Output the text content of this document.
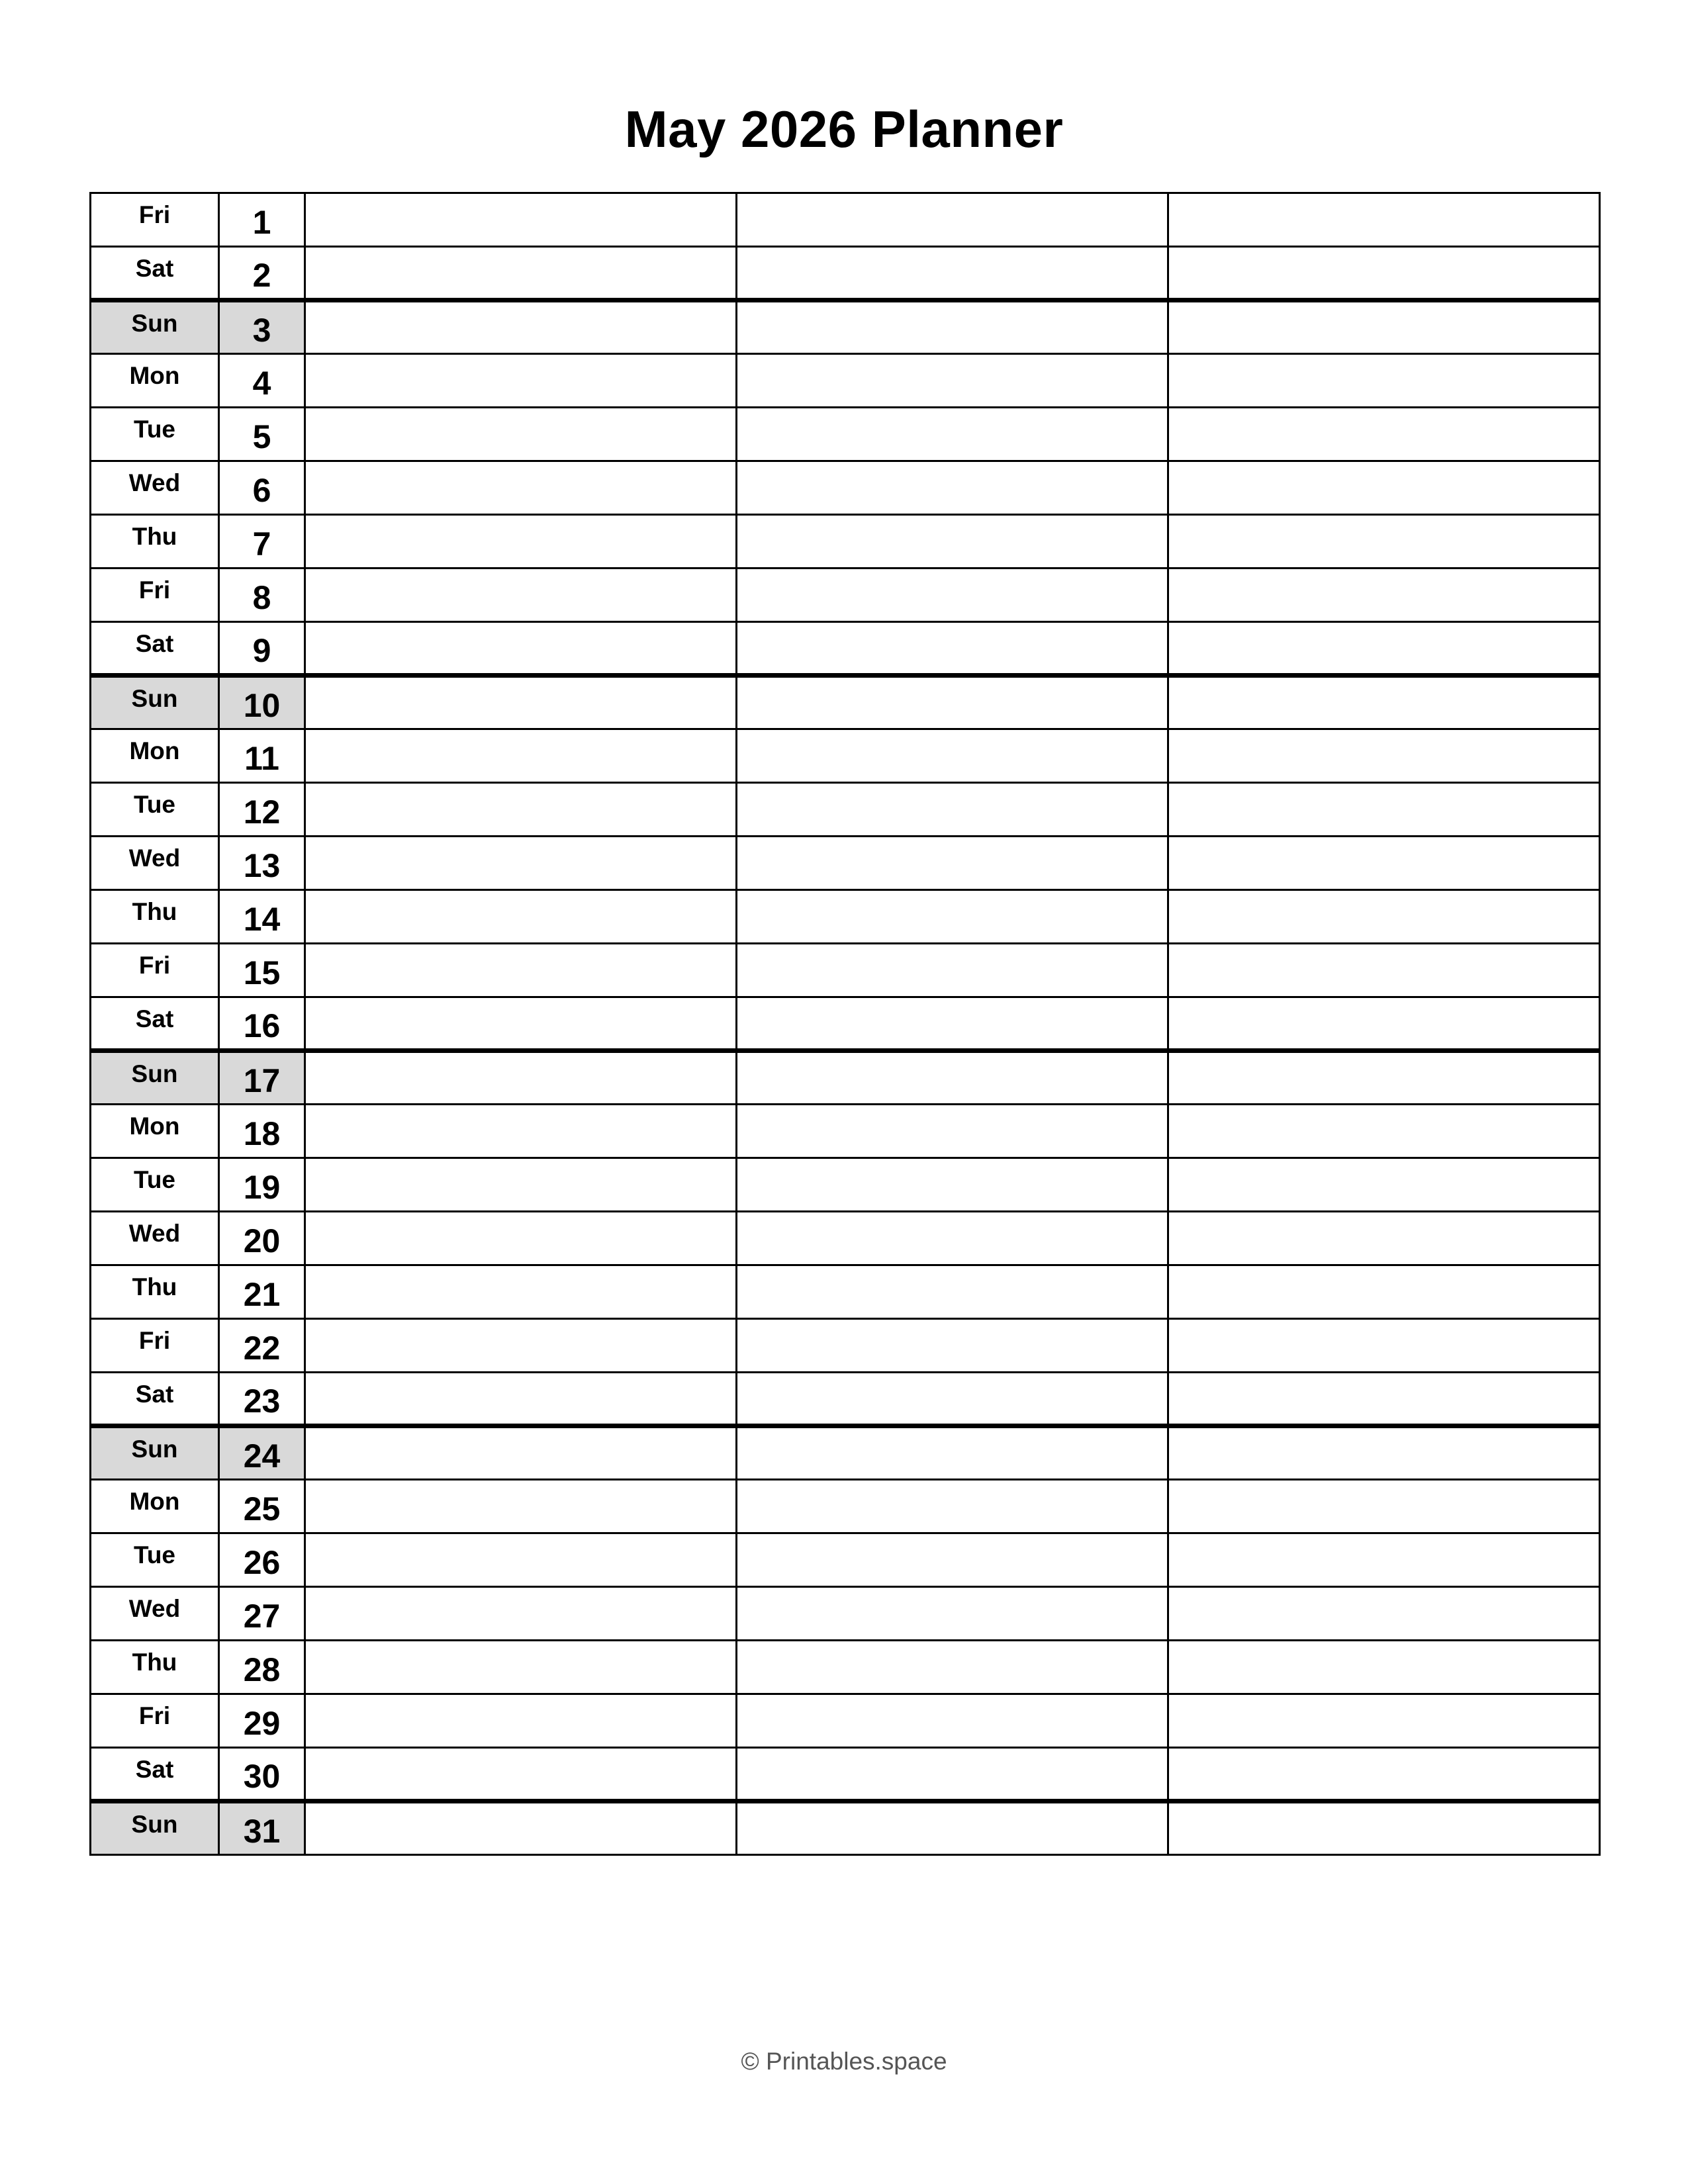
May 2026 Planner
Fri	1			
Sat	2			
Sun	3			
Mon	4			
Tue	5			
Wed	6			
Thu	7			
Fri	8			
Sat	9			
Sun	10			
Mon	11			
Tue	12			
Wed	13			
Thu	14			
Fri	15			
Sat	16			
Sun	17			
Mon	18			
Tue	19			
Wed	20			
Thu	21			
Fri	22			
Sat	23			
Sun	24			
Mon	25			
Tue	26			
Wed	27			
Thu	28			
Fri	29			
Sat	30			
Sun	31			
© Printables.space
